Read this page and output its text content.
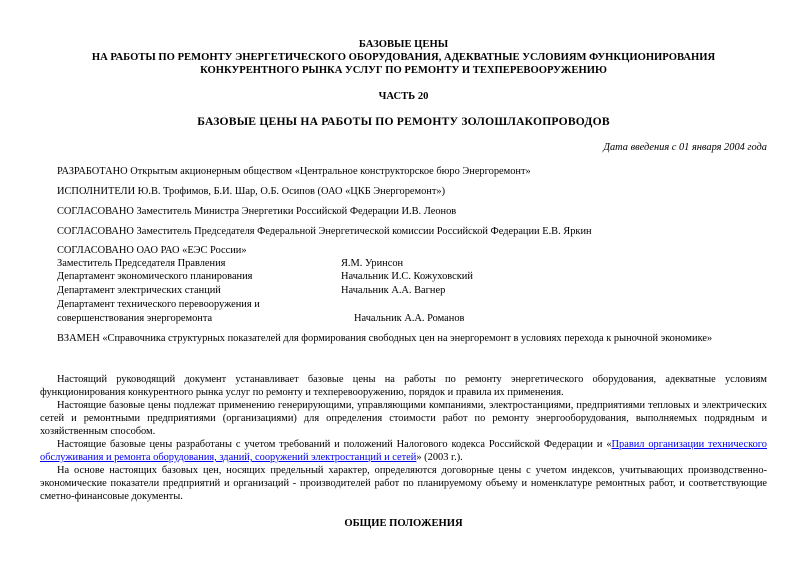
БАЗОВЫЕ ЦЕНЫ
НА РАБОТЫ ПО РЕМОНТУ ЭНЕРГЕТИЧЕСКОГО ОБОРУДОВАНИЯ, АДЕКВАТНЫЕ УСЛОВИЯМ ФУНКЦИОНИРОВАНИЯ
КОНКУРЕНТНОГО РЫНКА УСЛУГ ПО РЕМОНТУ И ТЕХПЕРЕВООРУЖЕНИЮ
ЧАСТЬ 20
БАЗОВЫЕ ЦЕНЫ НА РАБОТЫ ПО РЕМОНТУ ЗОЛОШЛАКОПРОВОДОВ
Дата введения с 01 января 2004 года
РАЗРАБОТАНО Открытым акционерным обществом «Центральное конструкторское бюро Энергоремонт»
ИСПОЛНИТЕЛИ Ю.В. Трофимов, Б.И. Шар, О.Б. Осипов (ОАО «ЦКБ Энергоремонт»)
СОГЛАСОВАНО Заместитель Министра Энергетики Российской Федерации И.В. Леонов
СОГЛАСОВАНО Заместитель Председателя Федеральной Энергетической комиссии Российской Федерации Е.В. Яркин
СОГЛАСОВАНО ОАО РАО «ЕЭС России»
Заместитель Председателя Правления	Я.М. Уринсон
Департамент экономического планирования	Начальник И.С. Кожуховский
Департамент электрических станций	Начальник А.А. Вагнер
Департамент технического перевооружения и
совершенствования энергоремонта	Начальник А.А. Романов
ВЗАМЕН «Справочника структурных показателей для формирования свободных цен на энергоремонт в условиях перехода к рыночной экономике»

Настоящий руководящий документ устанавливает базовые цены на работы по ремонту энергетического оборудования, адекватные условиям функционирования конкурентного рынка услуг по ремонту и техперевооружению, порядок и правила их применения.

Настоящие базовые цены подлежат применению генерирующими, управляющими компаниями, электростанциями, предприятиями тепловых и электрических сетей и ремонтными предприятиями (организациями) для определения стоимости работ по ремонту энергооборудования, выполняемых подрядным и хозяйственным способом.

Настоящие базовые цены разработаны с учетом требований и положений Налогового кодекса Российской Федерации и «Правил организации технического обслуживания и ремонта оборудования, зданий, сооружений электростанций и сетей» (2003 г.).

На основе настоящих базовых цен, носящих предельный характер, определяются договорные цены с учетом индексов, учитывающих производственно-экономические показатели предприятий и организаций - производителей работ по планируемому объему и номенклатуре ремонтных работ, и соответствующие сметно-финансовые документы.

ОБЩИЕ ПОЛОЖЕНИЯ
